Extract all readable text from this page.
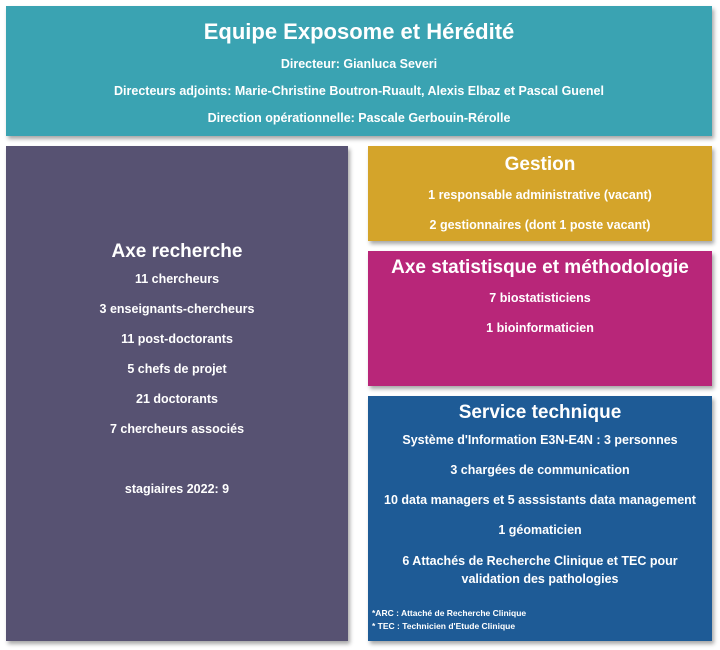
Equipe Exposome et Hérédité
Directeur: Gianluca Severi
Directeurs adjoints: Marie-Christine Boutron-Ruault, Alexis Elbaz et Pascal Guenel
Direction opérationnelle: Pascale Gerbouin-Rérolle
Axe recherche
11 chercheurs
3 enseignants-chercheurs
11 post-doctorants
5 chefs de projet
21 doctorants
7 chercheurs associés
stagiaires 2022: 9
Gestion
1 responsable administrative (vacant)
2 gestionnaires (dont 1 poste vacant)
Axe statistisque et méthodologie
7 biostatisticiens
1 bioinformaticien
Service technique
Système d'Information E3N-E4N : 3 personnes
3 chargées de communication
10 data managers et 5 asssistants data management
1 géomaticien
6 Attachés de Recherche Clinique et TEC pour validation des pathologies
*ARC : Attaché de Recherche Clinique
* TEC : Technicien d'Etude Clinique
